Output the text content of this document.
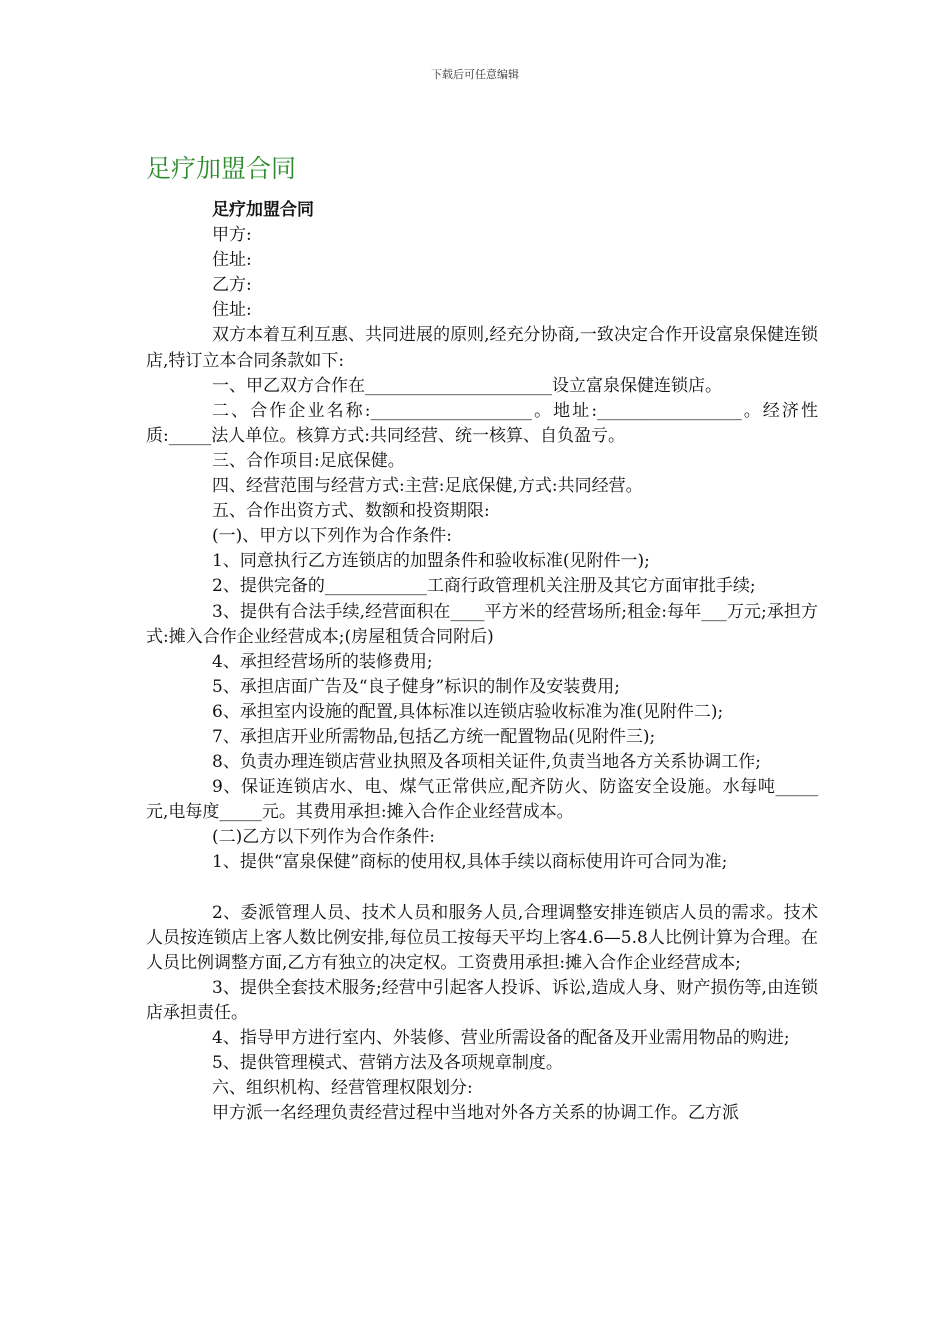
下载后可任意编辑
足疗加盟合同

足疗加盟合同

甲方:

住址:

乙方:

住址:

双方本着互利互惠、共同进展的原则,经充分协商,一致决定合作开设富泉保健连锁店,特订立本合同条款如下:

一、甲乙双方合作在______________________设立富泉保健连锁店。

二、合作企业名称:___________________。地址:_________________。经济性质:_____法人单位。核算方式:共同经营、统一核算、自负盈亏。

三、合作项目:足底保健。

四、经营范围与经营方式:主营:足底保健,方式:共同经营。

五、合作出资方式、数额和投资期限:

(一)、甲方以下列作为合作条件:

1、同意执行乙方连锁店的加盟条件和验收标准(见附件一);

2、提供完备的____________工商行政管理机关注册及其它方面审批手续;

3、提供有合法手续,经营面积在____平方米的经营场所;租金:每年___万元;承担方式:摊入合作企业经营成本;(房屋租赁合同附后)

4、承担经营场所的装修费用;

5、承担店面广告及“良子健身”标识的制作及安装费用;

6、承担室内设施的配置,具体标准以连锁店验收标准为准(见附件二);

7、承担店开业所需物品,包括乙方统一配置物品(见附件三);

8、负责办理连锁店营业执照及各项相关证件,负责当地各方关系协调工作;

9、保证连锁店水、电、煤气正常供应,配齐防火、防盗安全设施。水每吨_____元,电每度_____元。其费用承担:摊入合作企业经营成本。

(二)乙方以下列作为合作条件:

1、提供“富泉保健”商标的使用权,具体手续以商标使用许可合同为准;

2、委派管理人员、技术人员和服务人员,合理调整安排连锁店人员的需求。技术人员按连锁店上客人数比例安排,每位员工按每天平均上客4.6—5.8人比例计算为合理。在人员比例调整方面,乙方有独立的决定权。工资费用承担:摊入合作企业经营成本;

3、提供全套技术服务;经营中引起客人投诉、诉讼,造成人身、财产损伤等,由连锁店承担责任。

4、指导甲方进行室内、外装修、营业所需设备的配备及开业需用物品的购进;

5、提供管理模式、营销方法及各项规章制度。

六、组织机构、经营管理权限划分:

甲方派一名经理负责经营过程中当地对外各方关系的协调工作。乙方派
